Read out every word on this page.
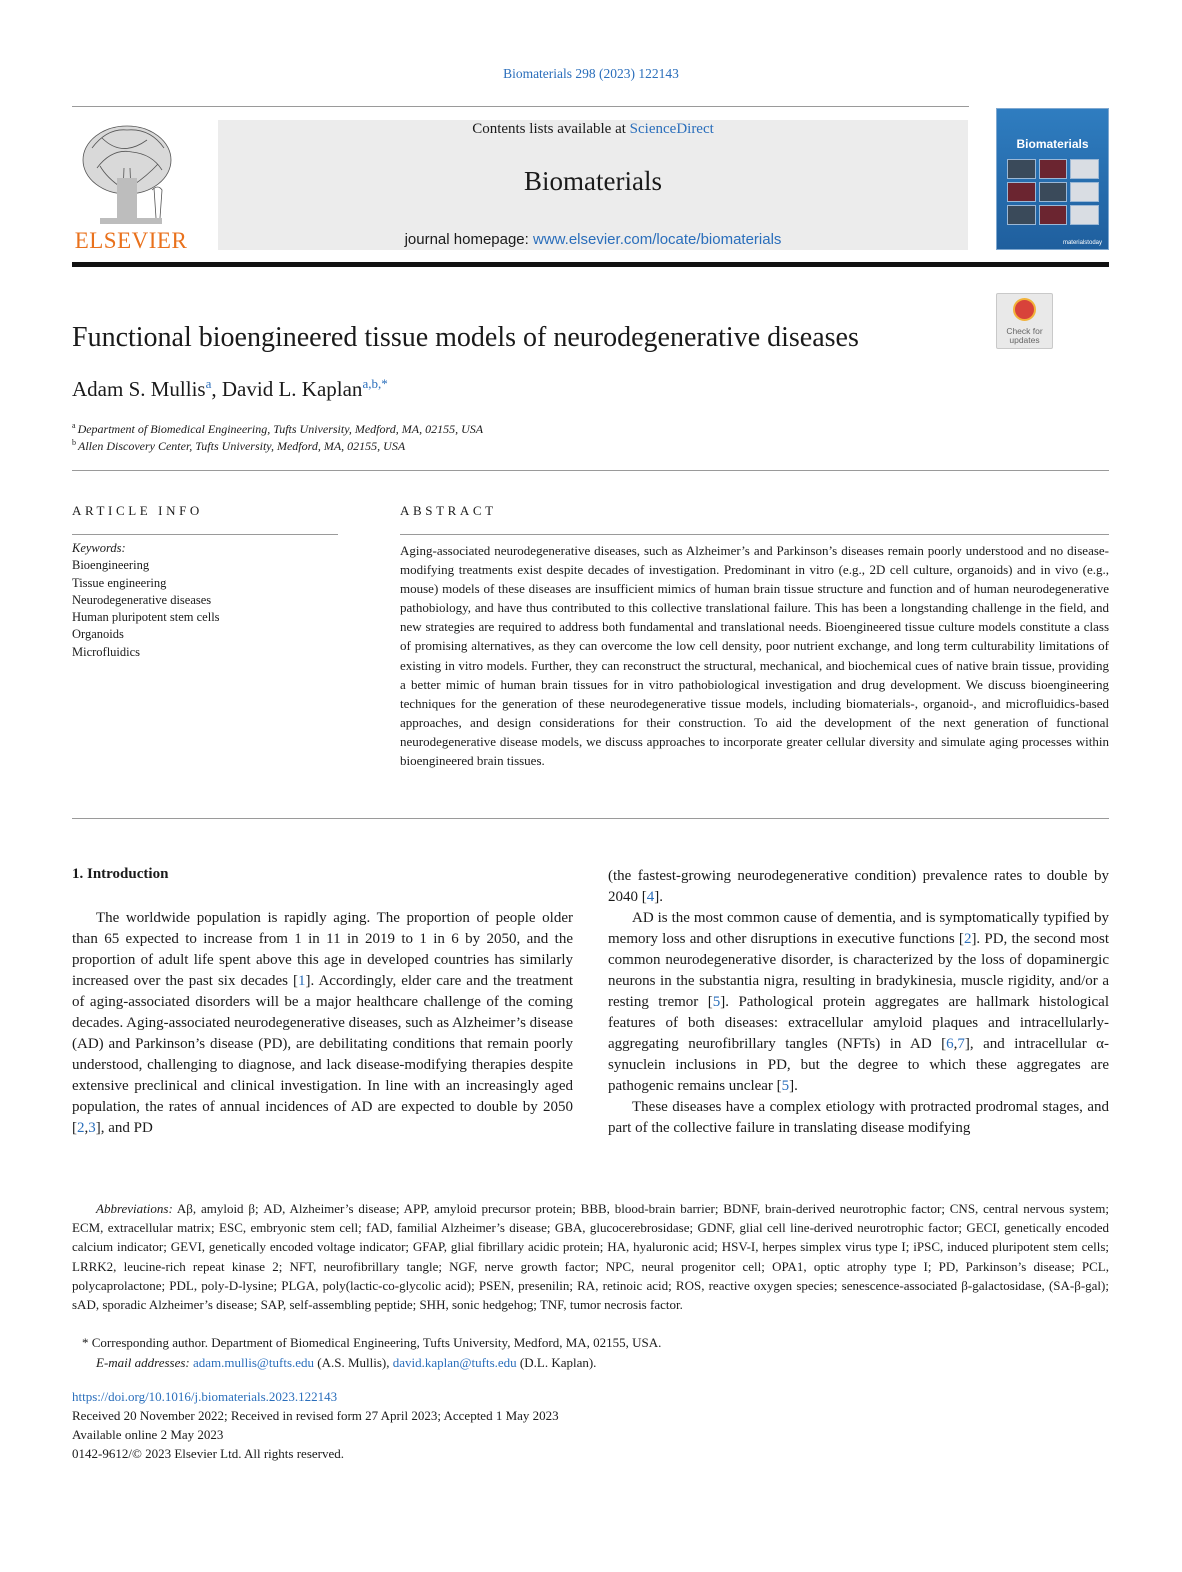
Biomaterials 298 (2023) 122143
ELSEVIER
Contents lists available at ScienceDirect
Biomaterials
journal homepage: www.elsevier.com/locate/biomaterials
Biomaterials
materialstoday
Functional bioengineered tissue models of neurodegenerative diseases	Check for updates
Adam S. Mullis$^a$, David L. Kaplan$^{a,b,*}$
$^a$ Department of Biomedical Engineering, Tufts University, Medford, MA, 02155, USA
$^b$ Allen Discovery Center, Tufts University, Medford, MA, 02155, USA
ARTICLE INFO	ABSTRACT
Keywords:
Bioengineering
Tissue engineering
Neurodegenerative diseases
Human pluripotent stem cells
Organoids
Microfluidics
Aging-associated neurodegenerative diseases, such as Alzheimer’s and Parkinson’s diseases remain poorly understood and no disease-modifying treatments exist despite decades of investigation. Predominant in vitro (e.g., 2D cell culture, organoids) and in vivo (e.g., mouse) models of these diseases are insufficient mimics of human brain tissue structure and function and of human neurodegenerative pathobiology, and have thus contributed to this collective translational failure. This has been a longstanding challenge in the field, and new strategies are required to address both fundamental and translational needs. Bioengineered tissue culture models constitute a class of promising alternatives, as they can overcome the low cell density, poor nutrient exchange, and long term culturability limitations of existing in vitro models. Further, they can reconstruct the structural, mechanical, and biochemical cues of native brain tissue, providing a better mimic of human brain tissues for in vitro pathobiological investigation and drug development. We discuss bioengineering techniques for the generation of these neurodegenerative tissue models, including biomaterials-, organoid-, and microfluidics-based approaches, and design considerations for their construction. To aid the development of the next generation of functional neurodegenerative disease models, we discuss approaches to incorporate greater cellular diversity and simulate aging processes within bioengineered brain tissues.
1. Introduction

The worldwide population is rapidly aging. The proportion of people older than 65 expected to increase from 1 in 11 in 2019 to 1 in 6 by 2050, and the proportion of adult life spent above this age in developed countries has similarly increased over the past six decades [1]. Accordingly, elder care and the treatment of aging-associated disorders will be a major healthcare challenge of the coming decades. Aging-associated neurodegenerative diseases, such as Alzheimer’s disease (AD) and Parkinson’s disease (PD), are debilitating conditions that remain poorly understood, challenging to diagnose, and lack disease-modifying therapies despite extensive preclinical and clinical investigation. In line with an increasingly aged population, the rates of annual incidences of AD are expected to double by 2050 [2,3], and PD

(the fastest-growing neurodegenerative condition) prevalence rates to double by 2040 [4].

AD is the most common cause of dementia, and is symptomatically typified by memory loss and other disruptions in executive functions [2]. PD, the second most common neurodegenerative disorder, is characterized by the loss of dopaminergic neurons in the substantia nigra, resulting in bradykinesia, muscle rigidity, and/or a resting tremor [5]. Pathological protein aggregates are hallmark histological features of both diseases: extracellular amyloid plaques and intracellularly-aggregating neurofibrillary tangles (NFTs) in AD [6,7], and intracellular α-synuclein inclusions in PD, but the degree to which these aggregates are pathogenic remains unclear [5].

These diseases have a complex etiology with protracted prodromal stages, and part of the collective failure in translating disease modifying

Abbreviations: Aβ, amyloid β; AD, Alzheimer’s disease; APP, amyloid precursor protein; BBB, blood-brain barrier; BDNF, brain-derived neurotrophic factor; CNS, central nervous system; ECM, extracellular matrix; ESC, embryonic stem cell; fAD, familial Alzheimer’s disease; GBA, glucocerebrosidase; GDNF, glial cell line-derived neurotrophic factor; GECI, genetically encoded calcium indicator; GEVI, genetically encoded voltage indicator; GFAP, glial fibrillary acidic protein; HA, hyaluronic acid; HSV-I, herpes simplex virus type I; iPSC, induced pluripotent stem cells; LRRK2, leucine-rich repeat kinase 2; NFT, neurofibrillary tangle; NGF, nerve growth factor; NPC, neural progenitor cell; OPA1, optic atrophy type I; PD, Parkinson’s disease; PCL, polycaprolactone; PDL, poly-D-lysine; PLGA, poly(lactic-co-glycolic acid); PSEN, presenilin; RA, retinoic acid; ROS, reactive oxygen species; senescence-associated β-galactosidase, (SA-β-gal); sAD, sporadic Alzheimer’s disease; SAP, self-assembling peptide; SHH, sonic hedgehog; TNF, tumor necrosis factor.
* Corresponding author. Department of Biomedical Engineering, Tufts University, Medford, MA, 02155, USA.
E-mail addresses: adam.mullis@tufts.edu (A.S. Mullis), david.kaplan@tufts.edu (D.L. Kaplan).
https://doi.org/10.1016/j.biomaterials.2023.122143
Received 20 November 2022; Received in revised form 27 April 2023; Accepted 1 May 2023
Available online 2 May 2023
0142-9612/© 2023 Elsevier Ltd. All rights reserved.
